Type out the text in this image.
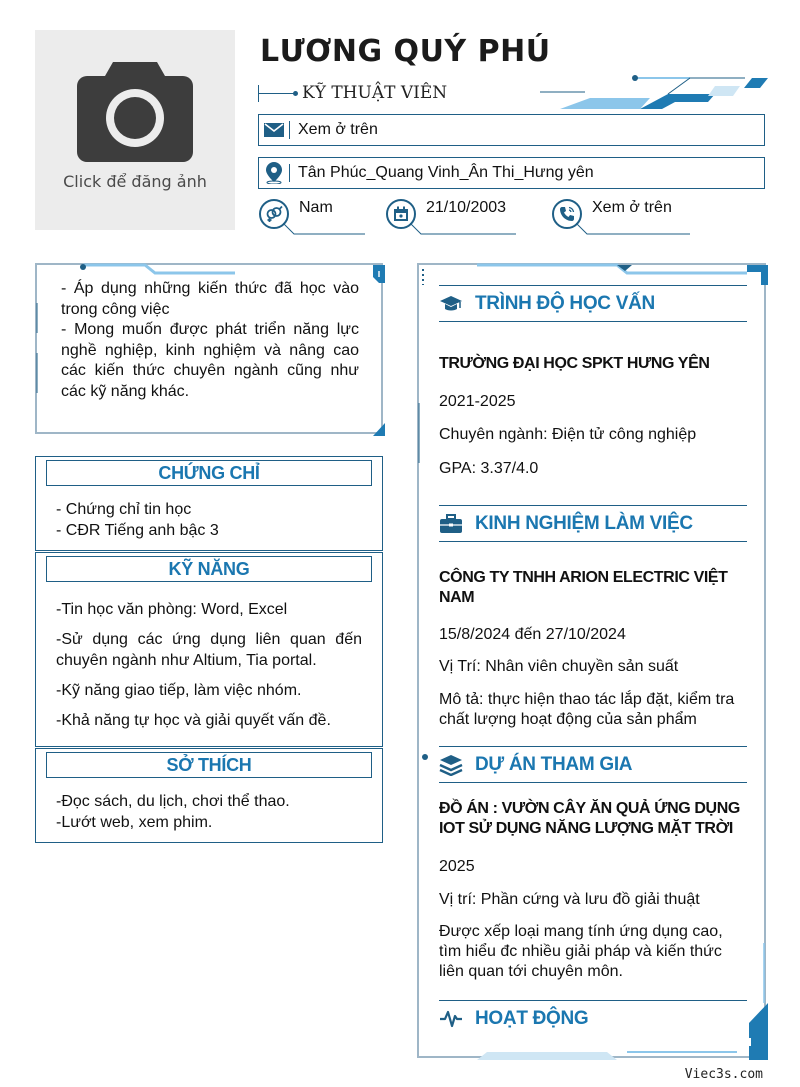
Click để đăng ảnh
LƯƠNG QUÝ PHÚ
KỸ THUẬT VIÊN
Xem ở trên
Tân Phúc_Quang Vinh_Ân Thi_Hưng yên
Nam	21/10/2003	Xem ở trên
- Áp dụng những kiến thức đã học vào trong công việc
- Mong muốn được phát triển năng lực nghề nghiệp, kinh nghiệm và nâng cao các kiến thức chuyên ngành cũng như các kỹ năng khác.
CHỨNG CHỈ

- Chứng chỉ tin học

- CĐR Tiếng anh bậc 3

KỸ NĂNG

-Tin học văn phòng: Word, Excel

-Sử dụng các ứng dụng liên quan đến chuyên ngành như Altium, Tia portal.

-Kỹ năng giao tiếp, làm việc nhóm.

-Khả năng tự học và giải quyết vấn đề.

SỞ THÍCH

-Đọc sách, du lịch, chơi thể thao.

-Lướt web, xem phim.

TRÌNH ĐỘ HỌC VẤN
TRƯỜNG ĐẠI HỌC SPKT HƯNG YÊN
2021-2025
Chuyên ngành: Điện tử công nghiệp
GPA: 3.37/4.0
KINH NGHIỆM LÀM VIỆC
CÔNG TY TNHH ARION ELECTRIC VIỆT NAM
15/8/2024 đến 27/10/2024
Vị Trí: Nhân viên chuyền sản suất
Mô tả: thực hiện thao tác lắp đặt, kiểm tra chất lượng hoạt động của sản phẩm
DỰ ÁN THAM GIA
ĐỒ ÁN : VƯỜN CÂY ĂN QUẢ ỨNG DỤNG IOT SỬ DỤNG NĂNG LƯỢNG MẶT TRỜI
2025
Vị trí: Phần cứng và lưu đồ giải thuật
Được xếp loại mang tính ứng dụng cao, tìm hiểu đc nhiều giải pháp và kiến thức liên quan tới chuyên môn.
HOẠT ĐỘNG
Viec3s.com
